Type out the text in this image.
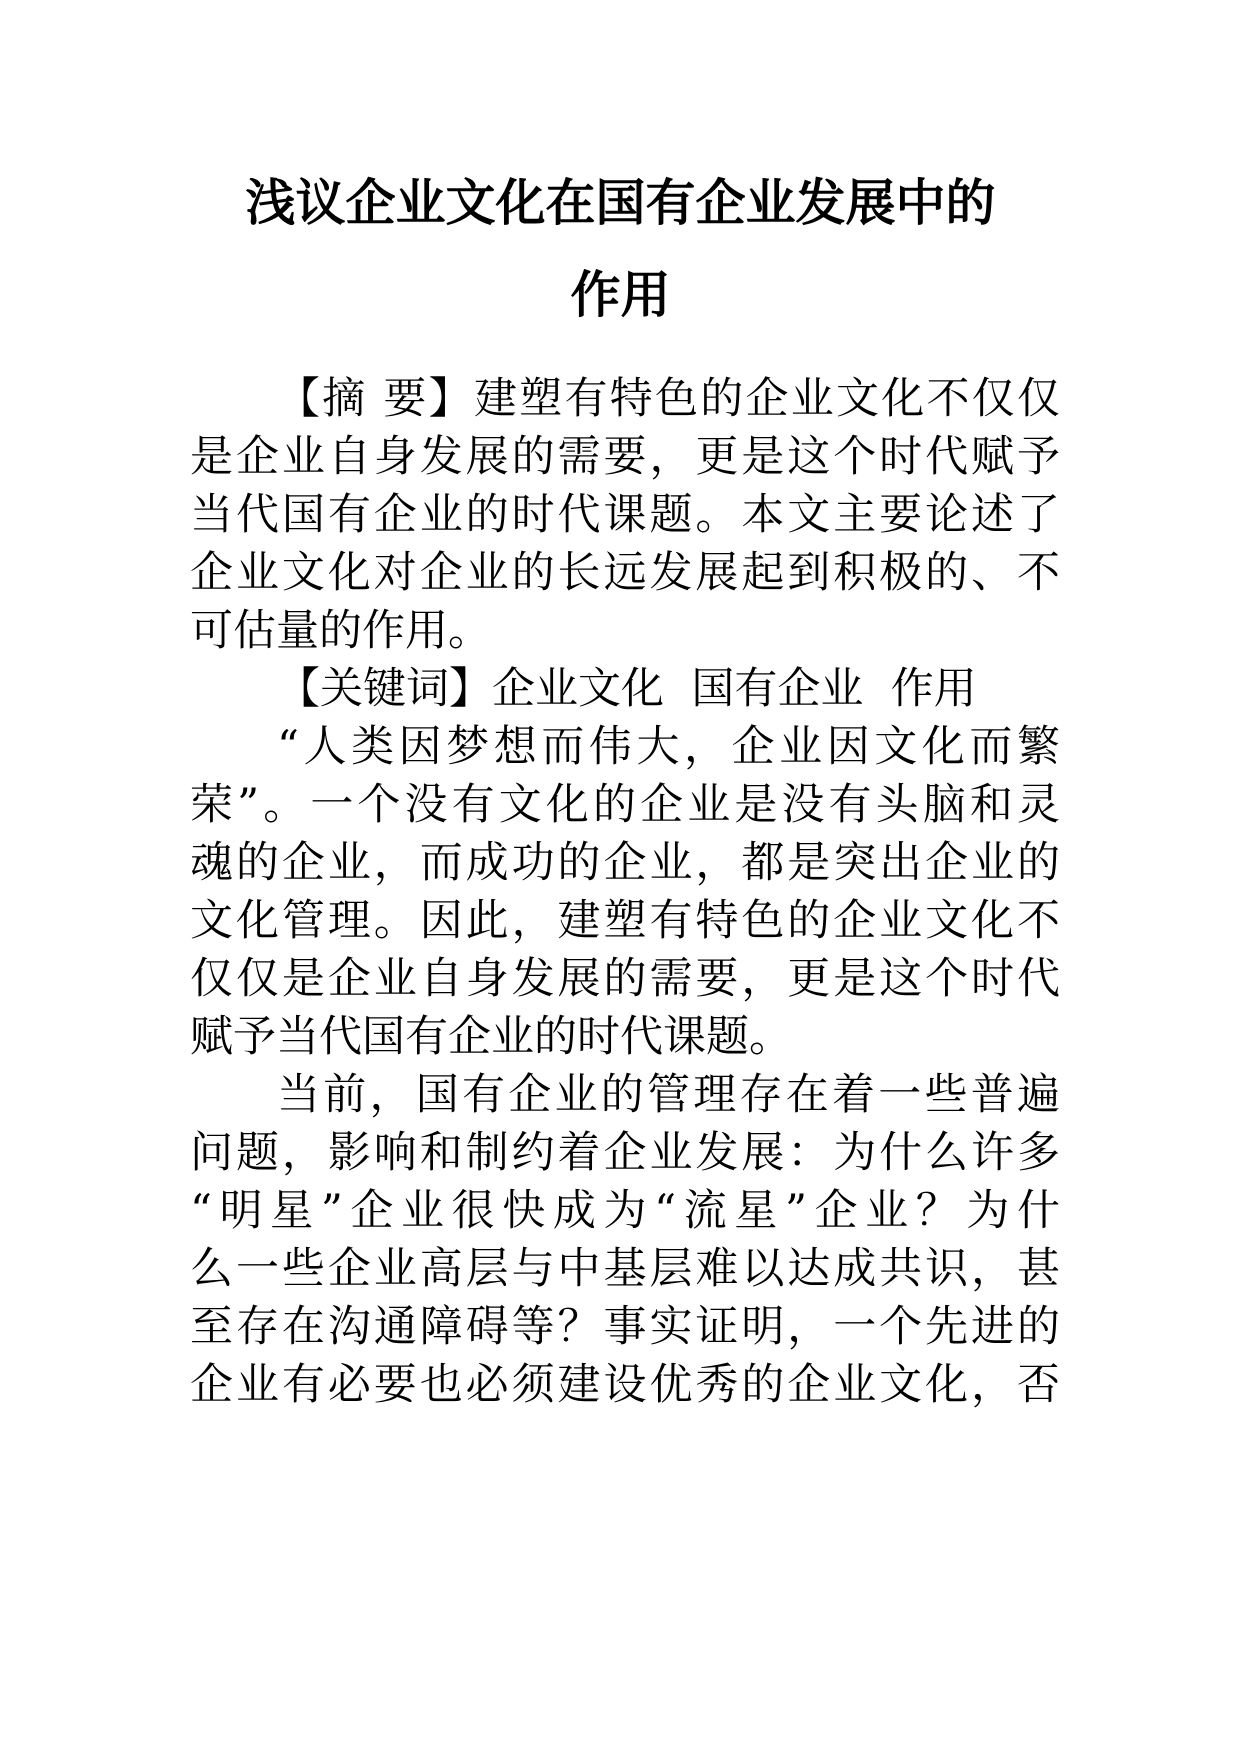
浅议企业文化在国有企业发展中的
作用
【摘 要】建塑有特色的企业文化不仅仅
是企业自身发展的需要，更是这个时代赋予
当代国有企业的时代课题。本文主要论述了
企业文化对企业的长远发展起到积极的、不
可估量的作用。
【关键词】企业文化  国有企业  作用
“人类因梦想而伟大，企业因文化而繁
荣”。一个没有文化的企业是没有头脑和灵
魂的企业，而成功的企业，都是突出企业的
文化管理。因此，建塑有特色的企业文化不
仅仅是企业自身发展的需要，更是这个时代
赋予当代国有企业的时代课题。
当前，国有企业的管理存在着一些普遍
问题，影响和制约着企业发展：为什么许多
“明星”企业很快成为“流星”企业？为什
么一些企业高层与中基层难以达成共识，甚
至存在沟通障碍等？事实证明，一个先进的
企业有必要也必须建设优秀的企业文化，否
